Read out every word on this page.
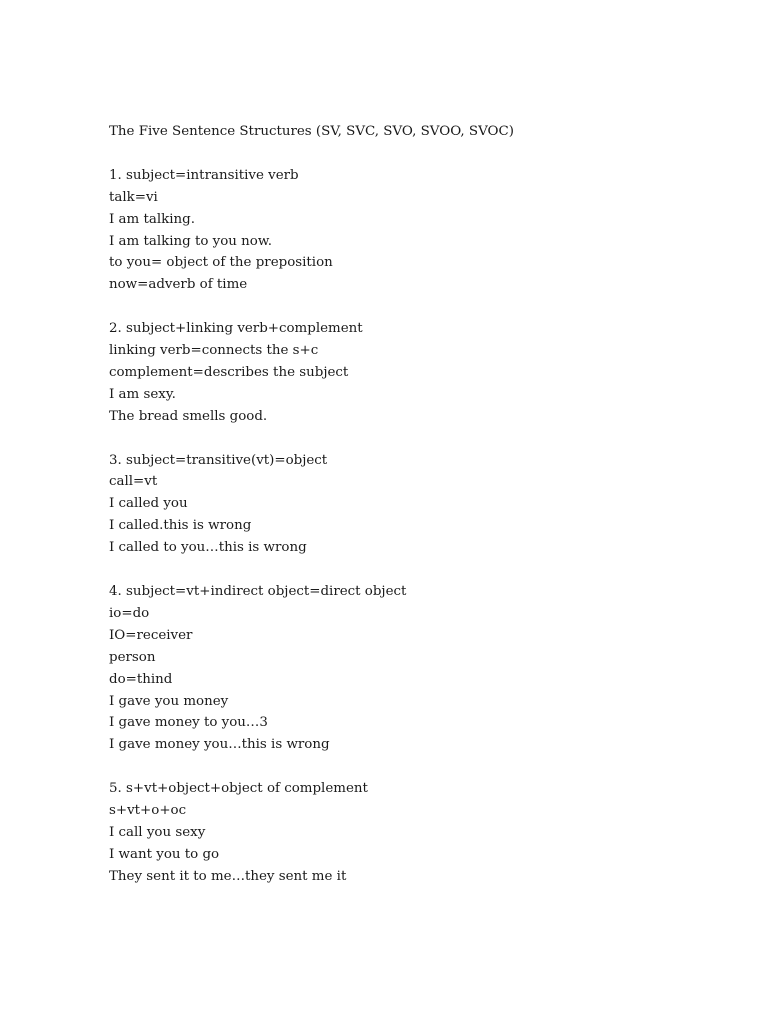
The Five Sentence Structures (SV, SVC, SVO, SVOO, SVOC)

1. subject=intransitive verb

talk=vi

I am talking.

I am talking to you now.

to you= object of the preposition

now=adverb of time

2. subject+linking verb+complement

linking verb=connects the s+c

complement=describes the subject

I am sexy.

The bread smells good.

3. subject=transitive(vt)=object

call=vt

I called you

I called.this is wrong

I called to you…this is wrong

4. subject=vt+indirect object=direct object

io=do

IO=receiver

person

do=thind

I gave you money

I gave money to you…3

I gave money you…this is wrong

5. s+vt+object+object of complement

s+vt+o+oc

I call you sexy

I want you to go

They sent it to me…they sent me it
